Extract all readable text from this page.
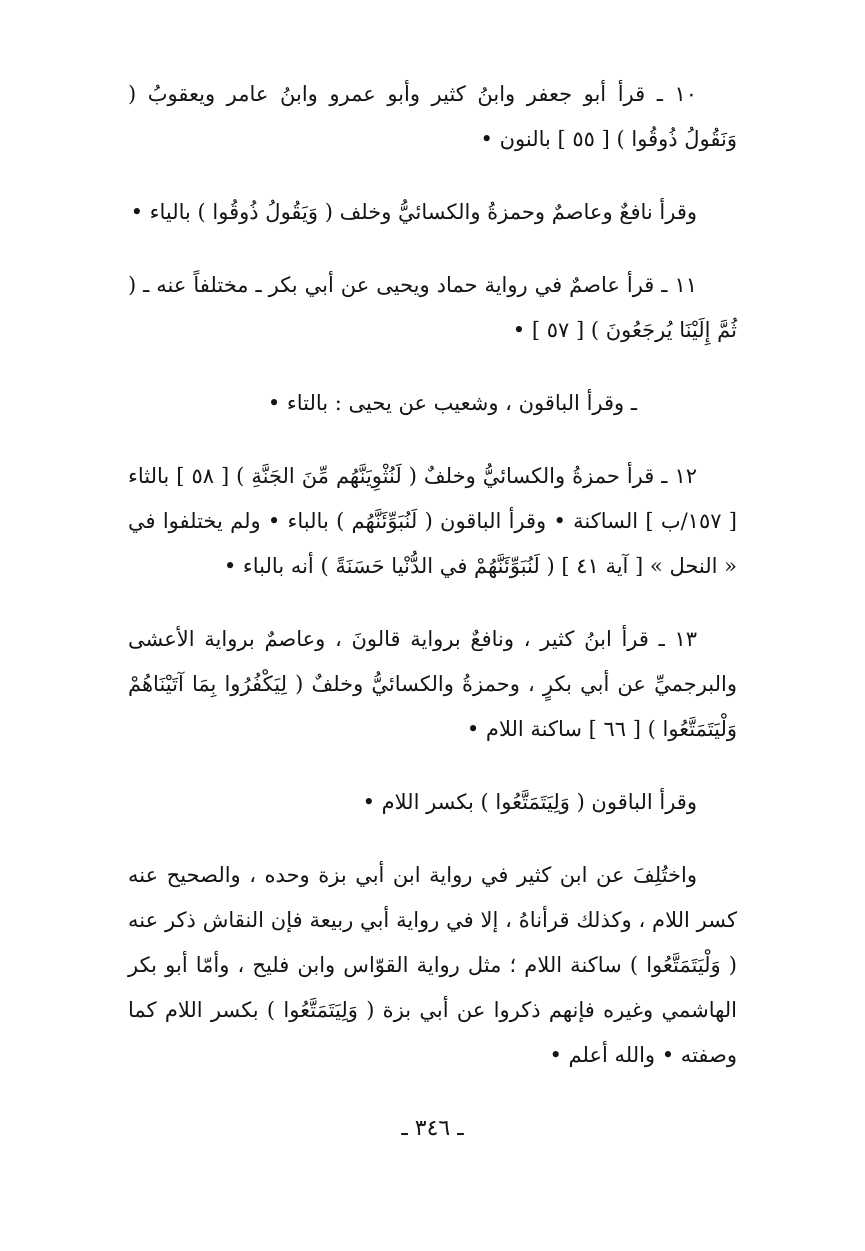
١٠ ـ قرأ أبو جعفر وابنُ كثير وأبو عمرو وابنُ عامر ويعقوبُ ( وَنَقُولُ ذُوقُوا ) [ ٥٥ ] بالنون •

وقرأ نافعٌ وعاصمٌ وحمزةُ والكسائيُّ وخلف ( وَيَقُولُ ذُوقُوا ) بالياء •

١١ ـ قرأ عاصمٌ في رواية حماد ويحيى عن أبي بكر ـ مختلفاً عنه ـ ( ثُمَّ إِلَيْنَا يُرجَعُونَ ) [ ٥٧ ] •

ـ وقرأ الباقون ، وشعيب عن يحيى : بالتاء •

١٢ ـ قرأ حمزةُ والكسائيُّ وخلفٌ ( لَنُثْوِيَنَّهُم مِّنَ الجَنَّةِ ) [ ٥٨ ] بالثاء [ ١٥٧/ب ] الساكنة • وقرأ الباقون ( لَنُبَوِّئَنَّهُم ) بالباء • ولم يختلفوا في « النحل » [ آية ٤١ ] ( لَنُبَوِّئَنَّهُمْ في الدُّنْيا حَسَنَةً ) أنه بالباء •

١٣ ـ قرأ ابنُ كثير ، ونافعٌ برواية قالونَ ، وعاصمٌ برواية الأعشى والبرجميِّ عن أبي بكرٍ ، وحمزةُ والكسائيُّ وخلفٌ ( لِيَكْفُرُوا بِمَا آتَيْنَاهُمْ وَلْيَتَمَتَّعُوا ) [ ٦٦ ] ساكنة اللام •

وقرأ الباقون ( وَلِيَتَمَتَّعُوا ) بكسر اللام •

واختُلِفَ عن ابن كثير في رواية ابن أبي بزة وحده ، والصحيح عنه كسر اللام ، وكذلك قرأناهُ ، إلا في رواية أبي ربيعة فإن النقاش ذكر عنه ( وَلْيَتَمَتَّعُوا ) ساكنة اللام ؛ مثل رواية القوّاس وابن فليح ، وأمّا أبو بكر الهاشمي وغيره فإنهم ذكروا عن أبي بزة ( وَلِيَتَمَتَّعُوا ) بكسر اللام كما وصفته • والله أعلم •

ـ ٣٤٦ ـ
